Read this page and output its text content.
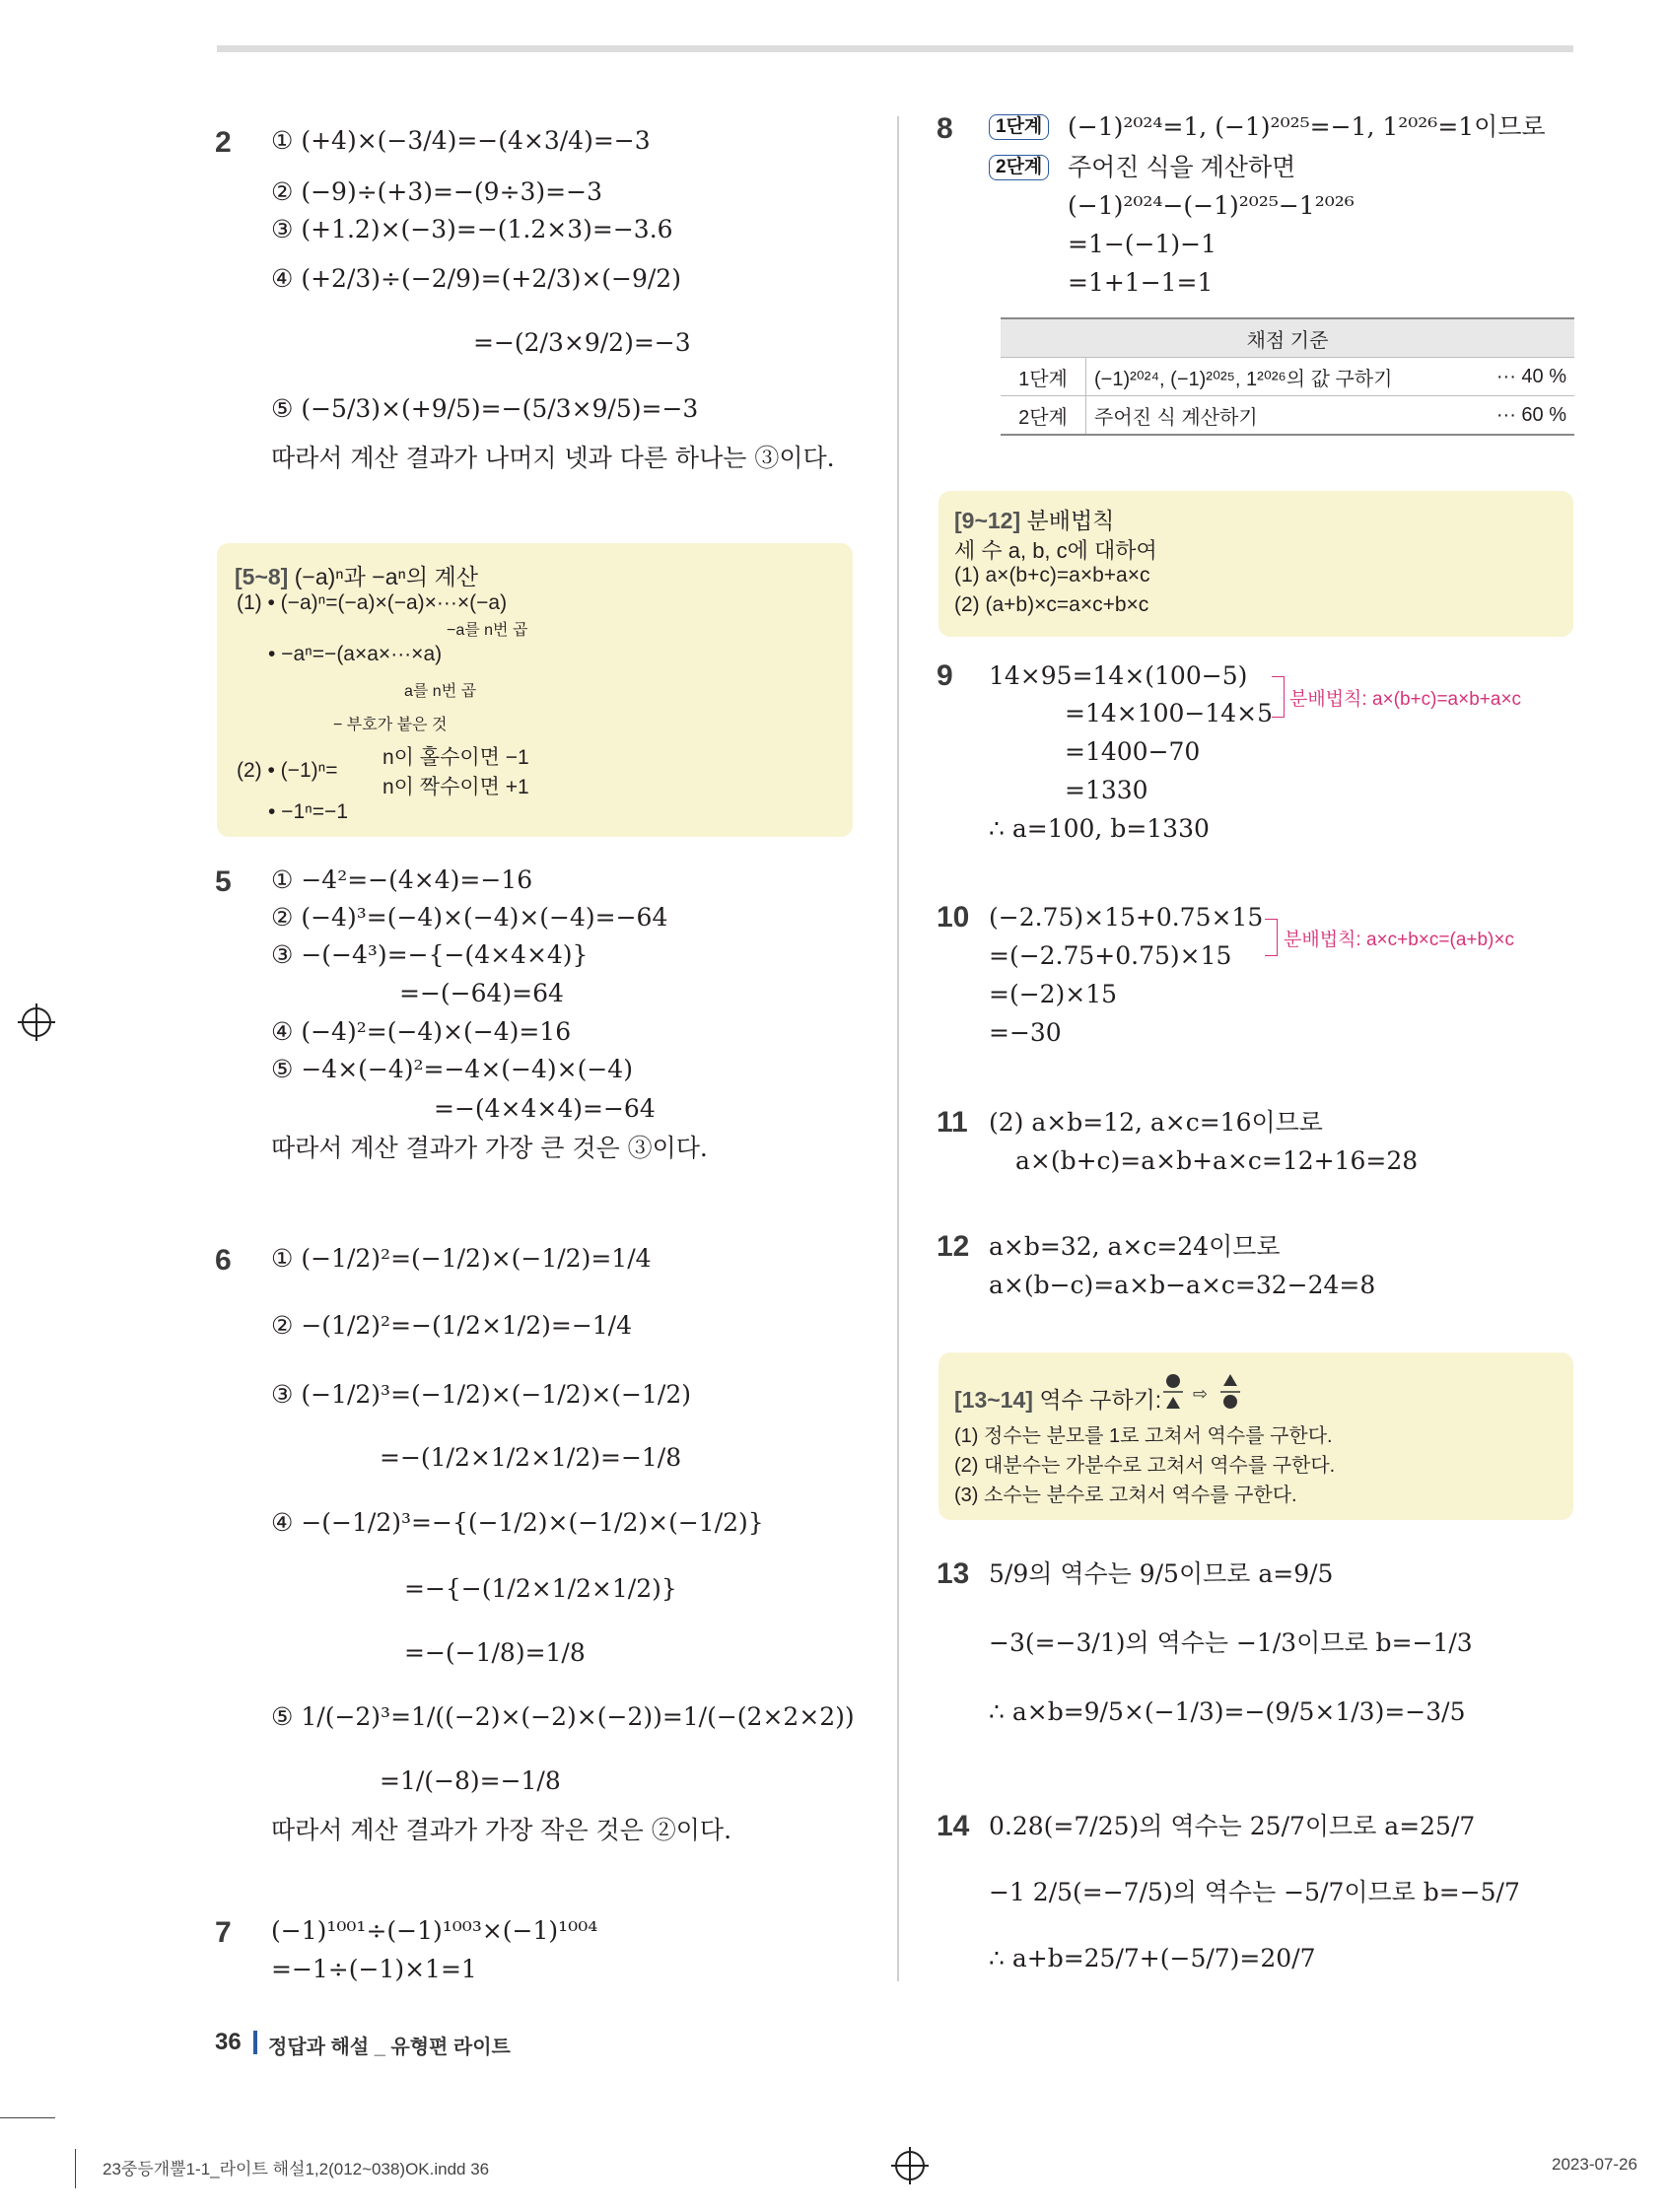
2 ① (+4)×(−3/4)=−(4×3/4)=−3
② (−9)÷(+3)=−(9÷3)=−3
③ (+1.2)×(−3)=−(1.2×3)=−3.6
④ (+2/3)÷(−2/9)=(+2/3)×(−9/2)
=−(2/3×9/2)=−3
⑤ (−5/3)×(+9/5)=−(5/3×9/5)=−3
따라서 계산 결과가 나머지 넷과 다른 하나는 ③이다.
[5~8] (−a)ⁿ과 −aⁿ의 계산
(1) • (−a)ⁿ=(−a)×(−a)×···×(−a)
−a를 n번 곱
• −aⁿ=−(a×a×···×a)
a를 n번 곱
− 부호가 붙은 것
(2) • (−1)ⁿ=
n이 홀수이면 −1
n이 짝수이면 +1
• −1ⁿ=−1
5 ① −4²=−(4×4)=−16
② (−4)³=(−4)×(−4)×(−4)=−64
③ −(−4³)=−{−(4×4×4)}
=−(−64)=64
④ (−4)²=(−4)×(−4)=16
⑤ −4×(−4)²=−4×(−4)×(−4)
=−(4×4×4)=−64
따라서 계산 결과가 가장 큰 것은 ③이다.
6 ① (−1/2)²=(−1/2)×(−1/2)=1/4
② −(1/2)²=−(1/2×1/2)=−1/4
③ (−1/2)³=(−1/2)×(−1/2)×(−1/2)
=−(1/2×1/2×1/2)=−1/8
④ −(−1/2)³=−{(−1/2)×(−1/2)×(−1/2)}
=−{−(1/2×1/2×1/2)}
=−(−1/8)=1/8
⑤ 1/(−2)³=1/((−2)×(−2)×(−2))=1/(−(2×2×2))
=1/(−8)=−1/8
따라서 계산 결과가 가장 작은 것은 ②이다.
7 (−1)¹⁰⁰¹÷(−1)¹⁰⁰³×(−1)¹⁰⁰⁴
=−1÷(−1)×1=1
8	1단계 (−1)²⁰²⁴=1, (−1)²⁰²⁵=−1, 1²⁰²⁶=1이므로
2단계 주어진 식을 계산하면
(−1)²⁰²⁴−(−1)²⁰²⁵−1²⁰²⁶
=1−(−1)−1
=1+1−1=1
채점 기준		
1단계	(−1)²⁰²⁴, (−1)²⁰²⁵, 1²⁰²⁶의 값 구하기	··· 40 %
2단계	주어진 식 계산하기	··· 60 %
[9~12] 분배법칙
세 수 a, b, c에 대하여
(1) a×(b+c)=a×b+a×c
(2) (a+b)×c=a×c+b×c
9 14×95=14×(100−5)
=14×100−14×5
=1400−70
=1330
∴ a=100, b=1330
분배법칙: a×(b+c)=a×b+a×c
10 (−2.75)×15+0.75×15
=(−2.75+0.75)×15
=(−2)×15
=−30
분배법칙: a×c+b×c=(a+b)×c
11 (2) a×b=12, a×c=16이므로
a×(b+c)=a×b+a×c=12+16=28
12 a×b=32, a×c=24이므로
a×(b−c)=a×b−a×c=32−24=8
[13~14] 역수 구하기: ⇨
(1) 정수는 분모를 1로 고쳐서 역수를 구한다.
(2) 대분수는 가분수로 고쳐서 역수를 구한다.
(3) 소수는 분수로 고쳐서 역수를 구한다.
13 5/9의 역수는 9/5이므로 a=9/5
−3(=−3/1)의 역수는 −1/3이므로 b=−1/3
∴ a×b=9/5×(−1/3)=−(9/5×1/3)=−3/5
14 0.28(=7/25)의 역수는 25/7이므로 a=25/7
−1 2/5(=−7/5)의 역수는 −5/7이므로 b=−5/7
∴ a+b=25/7+(−5/7)=20/7
36 정답과 해설 _ 유형편 라이트
23중등개뿔1-1_라이트 해설1,2(012~038)OK.indd 36	2023-07-26
